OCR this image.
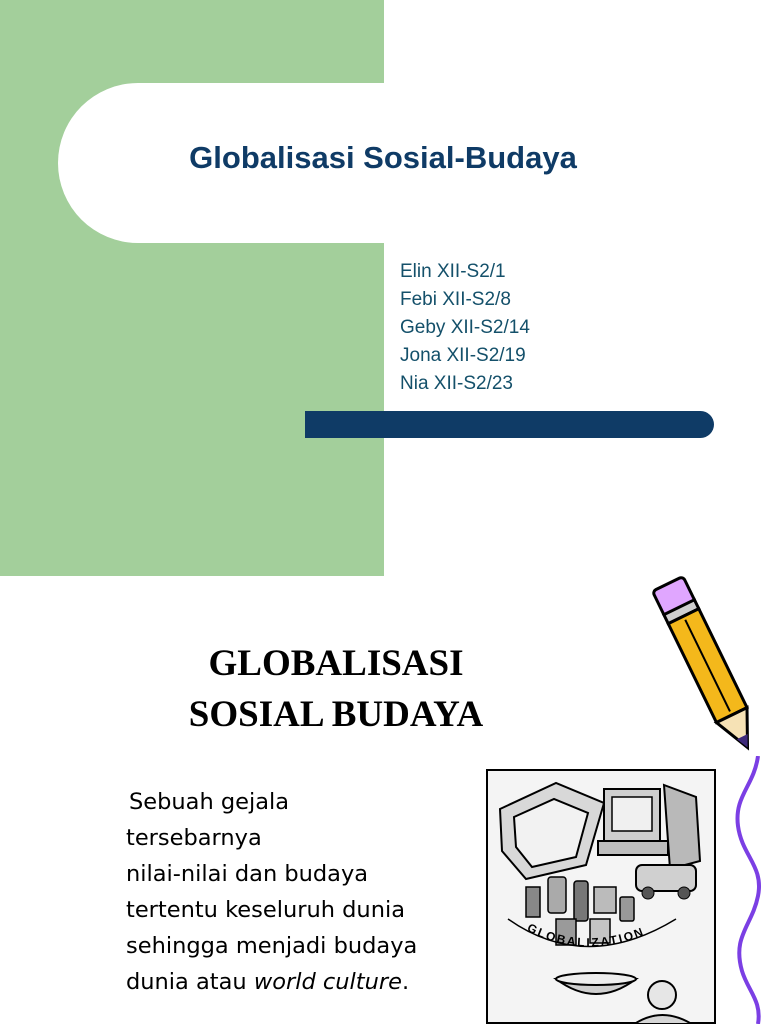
Globalisasi Sosial-Budaya
Elin XII-S2/1
Febi XII-S2/8
Geby XII-S2/14
Jona XII-S2/19
Nia XII-S2/23
GLOBALISASI
SOSIAL BUDAYA
Sebuah gejala
tersebarnya
nilai-nilai dan budaya
tertentu keseluruh dunia
sehingga menjadi budaya
dunia atau world culture.
GLOBALIZATION
